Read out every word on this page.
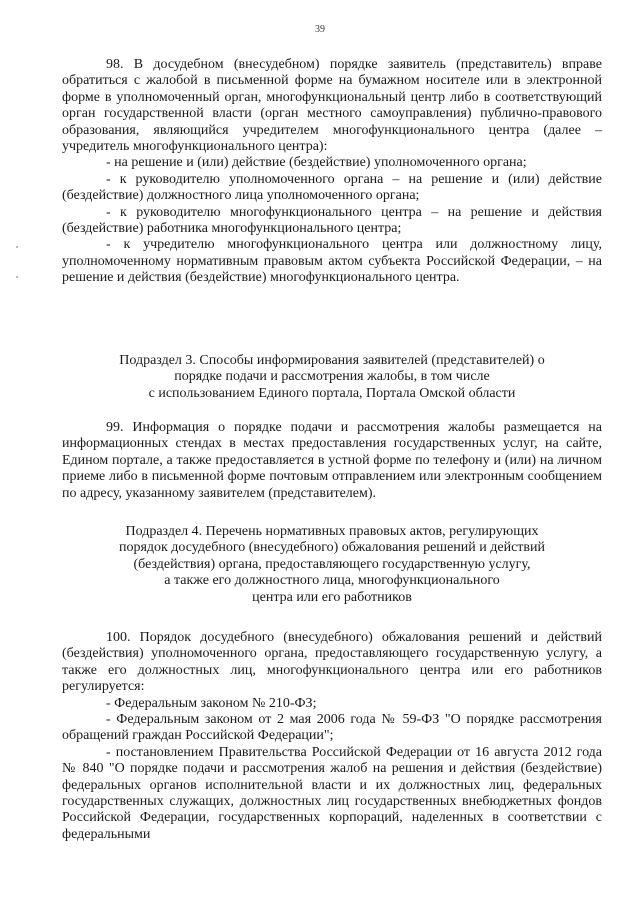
39

98. В досудебном (внесудебном) порядке заявитель (представитель) вправе обратиться с жалобой в письменной форме на бумажном носителе или в электронной форме в уполномоченный орган, многофункциональный центр либо в соответствующий орган государственной власти (орган местного самоуправления) публично-правового образования, являющийся учредителем многофункционального центра (далее – учредитель многофункционального центра):

- на решение и (или) действие (бездействие) уполномоченного органа;

- к руководителю уполномоченного органа – на решение и (или) действие (бездействие) должностного лица уполномоченного органа;

- к руководителю многофункционального центра – на решение и действия (бездействие) работника многофункционального центра;

- к учредителю многофункционального центра или должностному лицу, уполномоченному нормативным правовым актом субъекта Российской Федерации, – на решение и действия (бездействие) многофункционального центра.

Подраздел 3. Способы информирования заявителей (представителей) о
порядке подачи и рассмотрения жалобы, в том числе
с использованием Единого портала, Портала Омской области

99. Информация о порядке подачи и рассмотрения жалобы размещается на информационных стендах в местах предоставления государственных услуг, на сайте, Едином портале, а также предоставляется в устной форме по телефону и (или) на личном приеме либо в письменной форме почтовым отправлением или электронным сообщением по адресу, указанному заявителем (представителем).

Подраздел 4. Перечень нормативных правовых актов, регулирующих
порядок досудебного (внесудебного) обжалования решений и действий
(бездействия) органа, предоставляющего государственную услугу,
а также его должностного лица, многофункционального
центра или его работников

100. Порядок досудебного (внесудебного) обжалования решений и действий (бездействия) уполномоченного органа, предоставляющего государственную услугу, а также его должностных лиц, многофункционального центра или его работников регулируется:

- Федеральным законом № 210-ФЗ;

- Федеральным законом от 2 мая 2006 года № 59-ФЗ "О порядке рассмотрения обращений граждан Российской Федерации";

- постановлением Правительства Российской Федерации от 16 августа 2012 года № 840 "О порядке подачи и рассмотрения жалоб на решения и действия (бездействие) федеральных органов исполнительной власти и их должностных лиц, федеральных государственных служащих, должностных лиц государственных внебюджетных фондов Российской Федерации, государственных корпораций, наделенных в соответствии с федеральными
